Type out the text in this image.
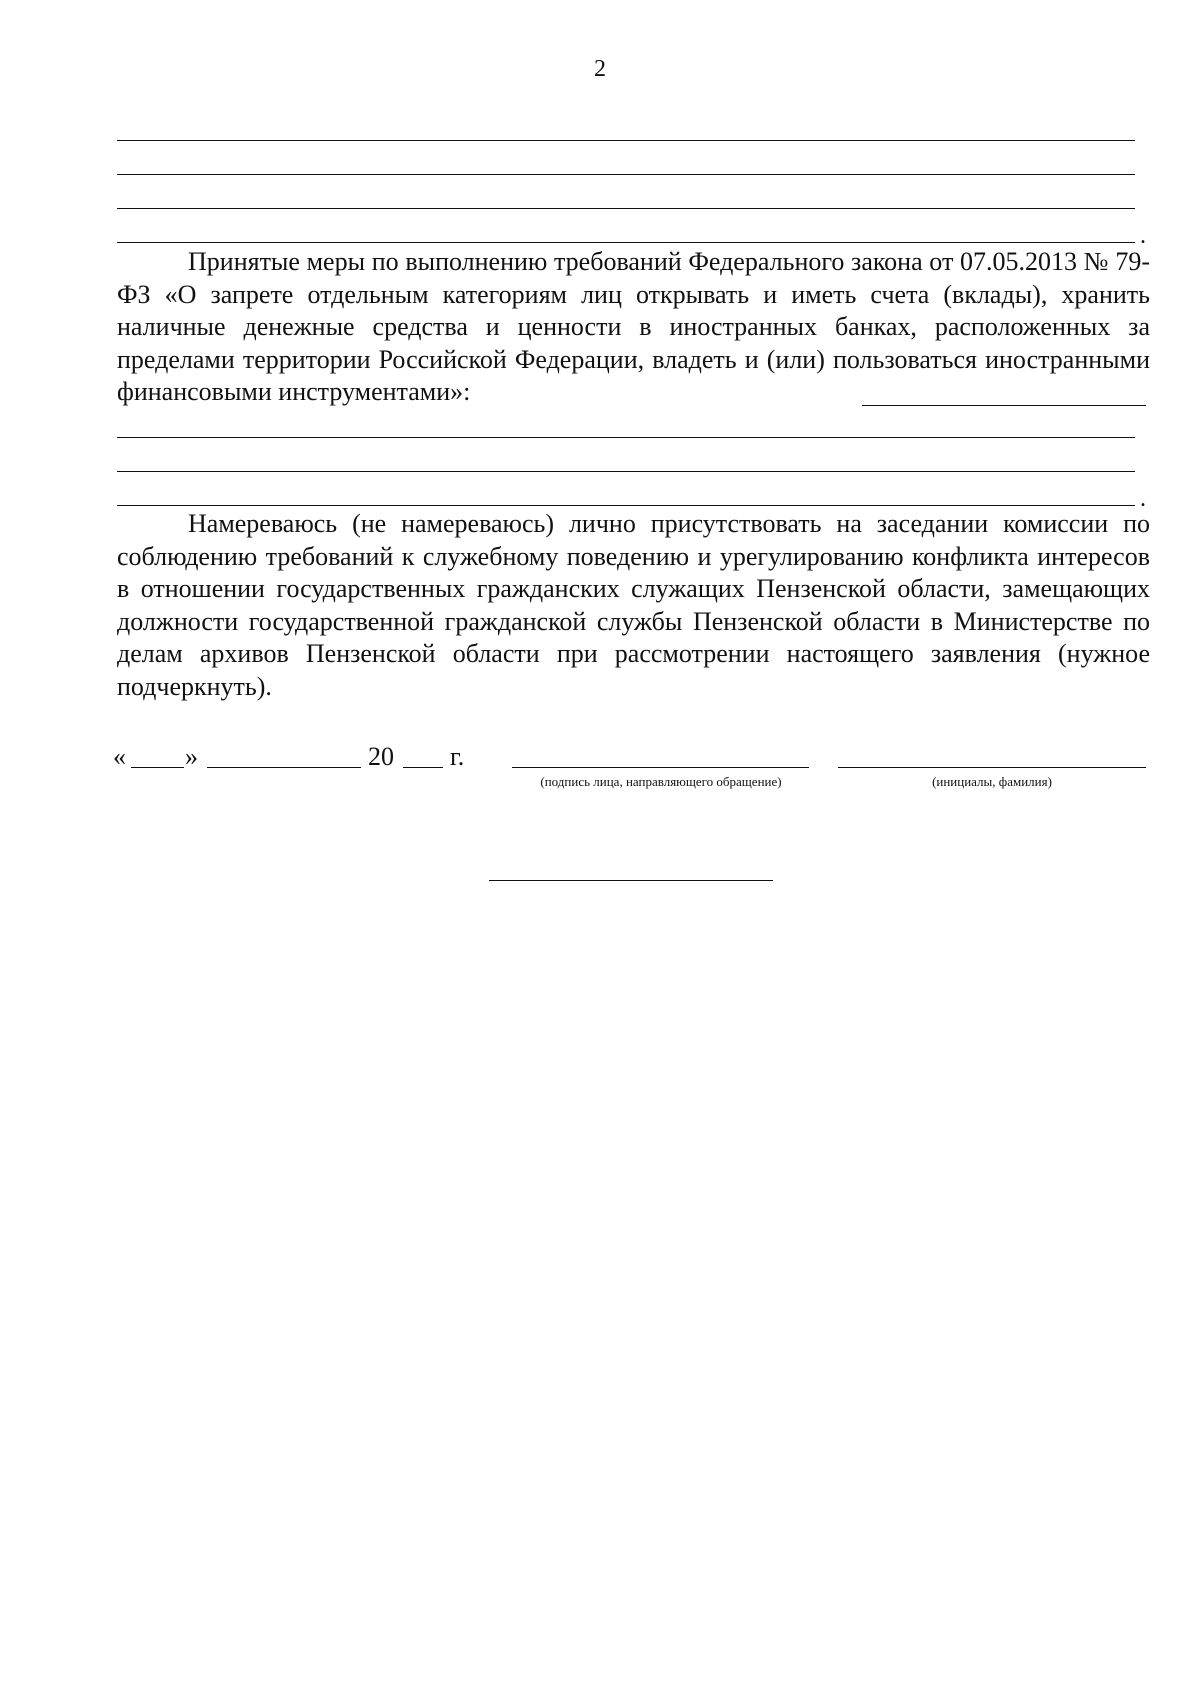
2
.
Принятые меры по выполнению требований Федерального закона от 07.05.2013 № 79-ФЗ «О запрете отдельным категориям лиц открывать и иметь счета (вклады), хранить наличные денежные средства и ценности в иностранных банках, расположенных за пределами территории Российской Федерации, владеть и (или) пользоваться иностранными финансовыми инструментами»:
.
Намереваюсь (не намереваюсь) лично присутствовать на заседании комиссии по соблюдению требований к служебному поведению и урегулированию конфликта интересов в отношении государственных гражданских служащих Пензенской области, замещающих должности государственной гражданской службы Пензенской области в Министерстве по делам архивов Пензенской области при рассмотрении настоящего заявления (нужное подчеркнуть).
« »	20 г.
(подпись лица, направляющего обращение)	(инициалы, фамилия)
